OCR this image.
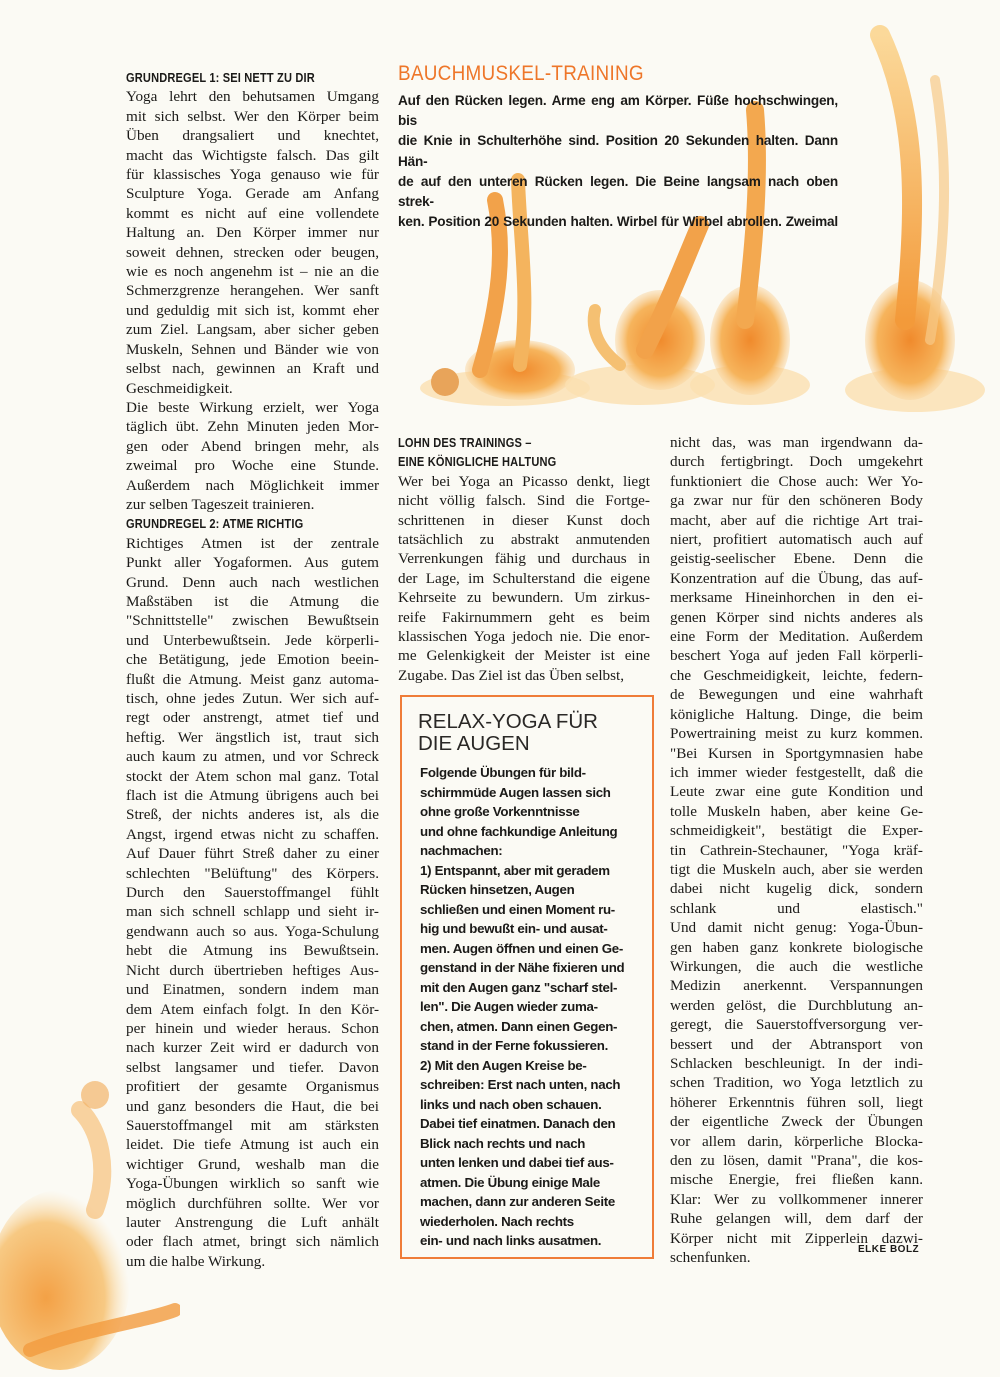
GRUNDREGEL 1: SEI NETT ZU DIR

Yoga lehrt den behutsamen Umgang
mit sich selbst. Wer den Körper beim
Üben drangsaliert und knechtet,
macht das Wichtigste falsch. Das gilt
für klassisches Yoga genauso wie für
Sculpture Yoga. Gerade am Anfang
kommt es nicht auf eine vollendete
Haltung an. Den Körper immer nur
soweit dehnen, strecken oder beugen,
wie es noch angenehm ist – nie an die
Schmerzgrenze herangehen. Wer sanft
und geduldig mit sich ist, kommt eher
zum Ziel. Langsam, aber sicher geben
Muskeln, Sehnen und Bänder wie von
selbst nach, gewinnen an Kraft und
Geschmeidigkeit.

Die beste Wirkung erzielt, wer Yoga
täglich übt. Zehn Minuten jeden Mor-
gen oder Abend bringen mehr, als
zweimal pro Woche eine Stunde.
Außerdem nach Möglichkeit immer
zur selben Tageszeit trainieren.

GRUNDREGEL 2: ATME RICHTIG

Richtiges Atmen ist der zentrale
Punkt aller Yogaformen. Aus gutem
Grund. Denn auch nach westlichen
Maßstäben ist die Atmung die
"Schnittstelle" zwischen Bewußtsein
und Unterbewußtsein. Jede körperli-
che Betätigung, jede Emotion beein-
flußt die Atmung. Meist ganz automa-
tisch, ohne jedes Zutun. Wer sich auf-
regt oder anstrengt, atmet tief und
heftig. Wer ängstlich ist, traut sich
auch kaum zu atmen, und vor Schreck
stockt der Atem schon mal ganz. Total
flach ist die Atmung übrigens auch bei
Streß, der nichts anderes ist, als die
Angst, irgend etwas nicht zu schaffen.
Auf Dauer führt Streß daher zu einer
schlechten "Belüftung" des Körpers.
Durch den Sauerstoffmangel fühlt
man sich schnell schlapp und sieht ir-
gendwann auch so aus. Yoga-Schulung
hebt die Atmung ins Bewußtsein.
Nicht durch übertrieben heftiges Aus-
und Einatmen, sondern indem man
dem Atem einfach folgt. In den Kör-
per hinein und wieder heraus. Schon
nach kurzer Zeit wird er dadurch von
selbst langsamer und tiefer. Davon
profitiert der gesamte Organismus
und ganz besonders die Haut, die bei
Sauerstoffmangel mit am stärksten
leidet. Die tiefe Atmung ist auch ein
wichtiger Grund, weshalb man die
Yoga-Übungen wirklich so sanft wie
möglich durchführen sollte. Wer vor
lauter Anstrengung die Luft anhält
oder flach atmet, bringt sich nämlich
um die halbe Wirkung.

BAUCHMUSKEL-TRAINING
Auf den Rücken legen. Arme eng am Körper. Füße hochschwingen, bis
die Knie in Schulterhöhe sind. Position 20 Sekunden halten. Dann Hän-
de auf den unteren Rücken legen. Die Beine langsam nach oben strek-
ken. Position 20 Sekunden halten. Wirbel für Wirbel abrollen. Zweimal
LOHN DES TRAININGS –
EINE KÖNIGLICHE HALTUNG

Wer bei Yoga an Picasso denkt, liegt
nicht völlig falsch. Sind die Fortge-
schrittenen in dieser Kunst doch
tatsächlich zu abstrakt anmutenden
Verrenkungen fähig und durchaus in
der Lage, im Schulterstand die eigene
Kehrseite zu bewundern. Um zirkus-
reife Fakirnummern geht es beim
klassischen Yoga jedoch nie. Die enor-
me Gelenkigkeit der Meister ist eine
Zugabe. Das Ziel ist das Üben selbst,

RELAX-YOGA FÜR
DIE AUGEN
Folgende Übungen für bild-
schirmmüde Augen lassen sich
ohne große Vorkenntnisse
und ohne fachkundige Anleitung
nachmachen:
1) Entspannt, aber mit geradem
Rücken hinsetzen, Augen
schließen und einen Moment ru-
hig und bewußt ein- und ausat-
men. Augen öffnen und einen Ge-
genstand in der Nähe fixieren und
mit den Augen ganz "scharf stel-
len". Die Augen wieder zuma-
chen, atmen. Dann einen Gegen-
stand in der Ferne fokussieren.
2) Mit den Augen Kreise be-
schreiben: Erst nach unten, nach
links und nach oben schauen.
Dabei tief einatmen. Danach den
Blick nach rechts und nach
unten lenken und dabei tief aus-
atmen. Die Übung einige Male
machen, dann zur anderen Seite
wiederholen. Nach rechts
ein- und nach links ausatmen.

nicht das, was man irgendwann da-
durch fertigbringt. Doch umgekehrt
funktioniert die Chose auch: Wer Yo-
ga zwar nur für den schöneren Body
macht, aber auf die richtige Art trai-
niert, profitiert automatisch auch auf
geistig-seelischer Ebene. Denn die
Konzentration auf die Übung, das auf-
merksame Hineinhorchen in den ei-
genen Körper sind nichts anderes als
eine Form der Meditation. Außerdem
beschert Yoga auf jeden Fall körperli-
che Geschmeidigkeit, leichte, federn-
de Bewegungen und eine wahrhaft
königliche Haltung. Dinge, die beim
Powertraining meist zu kurz kommen.
"Bei Kursen in Sportgymnasien habe
ich immer wieder festgestellt, daß die
Leute zwar eine gute Kondition und
tolle Muskeln haben, aber keine Ge-
schmeidigkeit", bestätigt die Exper-
tin Cathrein-Stechauner, "Yoga kräf-
tigt die Muskeln auch, aber sie werden
dabei nicht kugelig dick, sondern
schlank und elastisch."
Und damit nicht genug: Yoga-Übun-
gen haben ganz konkrete biologische
Wirkungen, die auch die westliche
Medizin anerkennt. Verspannungen
werden gelöst, die Durchblutung an-
geregt, die Sauerstoffversorgung ver-
bessert und der Abtransport von
Schlacken beschleunigt. In der indi-
schen Tradition, wo Yoga letztlich zu
höherer Erkenntnis führen soll, liegt
der eigentliche Zweck der Übungen
vor allem darin, körperliche Blocka-
den zu lösen, damit "Prana", die kos-
mische Energie, frei fließen kann.
Klar: Wer zu vollkommener innerer
Ruhe gelangen will, dem darf der
Körper nicht mit Zipperlein dazwi-
schenfunken.	ELKE BOLZ
